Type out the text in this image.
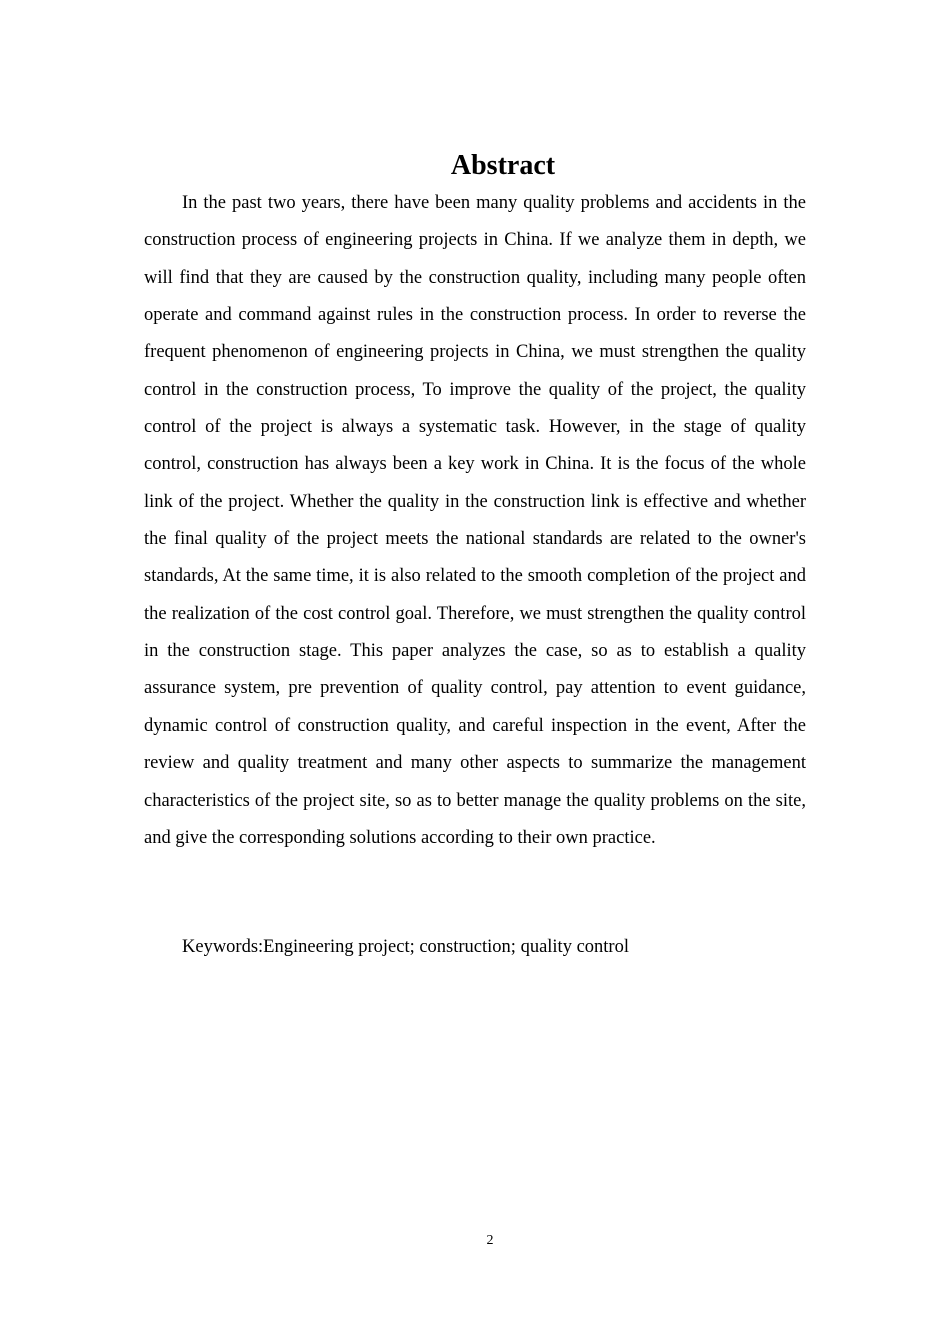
Abstract

In the past two years, there have been many quality problems and accidents in the construction process of engineering projects in China. If we analyze them in depth, we will find that they are caused by the construction quality, including many people often operate and command against rules in the construction process. In order to reverse the frequent phenomenon of engineering projects in China, we must strengthen the quality control in the construction process, To improve the quality of the project, the quality control of the project is always a systematic task. However, in the stage of quality control, construction has always been a key work in China. It is the focus of the whole link of the project. Whether the quality in the construction link is effective and whether the final quality of the project meets the national standards are related to the owner's standards, At the same time, it is also related to the smooth completion of the project and the realization of the cost control goal. Therefore, we must strengthen the quality control in the construction stage. This paper analyzes the case, so as to establish a quality assurance system, pre prevention of quality control, pay attention to event guidance, dynamic control of construction quality, and careful inspection in the event, After the review and quality treatment and many other aspects to summarize the management characteristics of the project site, so as to better manage the quality problems on the site, and give the corresponding solutions according to their own practice.

Keywords:Engineering project; construction; quality control

2
